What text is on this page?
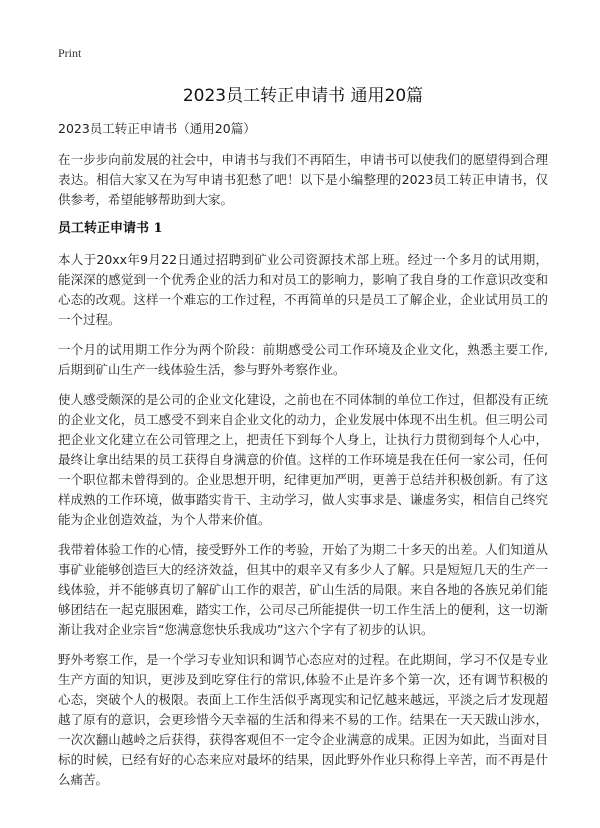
Print
2023员工转正申请书 通用20篇
2023员工转正申请书（通用20篇）

在一步步向前发展的社会中，申请书与我们不再陌生，申请书可以使我们的愿望得到合理表达。相信大家又在为写申请书犯愁了吧！以下是小编整理的2023员工转正申请书，仅供参考，希望能够帮助到大家。

员工转正申请书 1

本人于20xx年9月22日通过招聘到矿业公司资源技术部上班。经过一个多月的试用期，能深深的感觉到一个优秀企业的活力和对员工的影响力，影响了我自身的工作意识改变和心态的改观。这样一个难忘的工作过程，不再简单的只是员工了解企业，企业试用员工的一个过程。

一个月的试用期工作分为两个阶段：前期感受公司工作环境及企业文化，熟悉主要工作,后期到矿山生产一线体验生活，参与野外考察作业。

使人感受颇深的是公司的企业文化建设，之前也在不同体制的单位工作过，但都没有正统的企业文化，员工感受不到来自企业文化的动力，企业发展中体现不出生机。但三明公司把企业文化建立在公司管理之上，把责任下到每个人身上，让执行力贯彻到每个人心中，最终让拿出结果的员工获得自身满意的价值。这样的工作环境是我在任何一家公司，任何一个职位都未曾得到的。企业思想开明，纪律更加严明，更善于总结并积极创新。有了这样成熟的工作环境，做事踏实肯干、主动学习，做人实事求是、谦虚务实，相信自己终究能为企业创造效益，为个人带来价值。

我带着体验工作的心情，接受野外工作的考验，开始了为期二十多天的出差。人们知道从事矿业能够创造巨大的经济效益，但其中的艰辛又有多少人了解。只是短短几天的生产一线体验，并不能够真切了解矿山工作的艰苦，矿山生活的局限。来自各地的各族兄弟们能够团结在一起克服困难，踏实工作，公司尽己所能提供一切工作生活上的便利，这一切渐渐让我对企业宗旨“您满意您快乐我成功”这六个字有了初步的认识。

野外考察工作，是一个学习专业知识和调节心态应对的过程。在此期间，学习不仅是专业生产方面的知识，更涉及到吃穿住行的常识,体验不止是许多个第一次，还有调节积极的心态，突破个人的极限。表面上工作生活似乎离现实和记忆越来越远，平淡之后才发现超越了原有的意识，会更珍惜今天幸福的生活和得来不易的工作。结果在一天天跋山涉水，一次次翻山越岭之后获得，获得客观但不一定令企业满意的成果。正因为如此，当面对目标的时候，已经有好的心态来应对最坏的结果，因此野外作业只称得上辛苦，而不再是什么痛苦。
